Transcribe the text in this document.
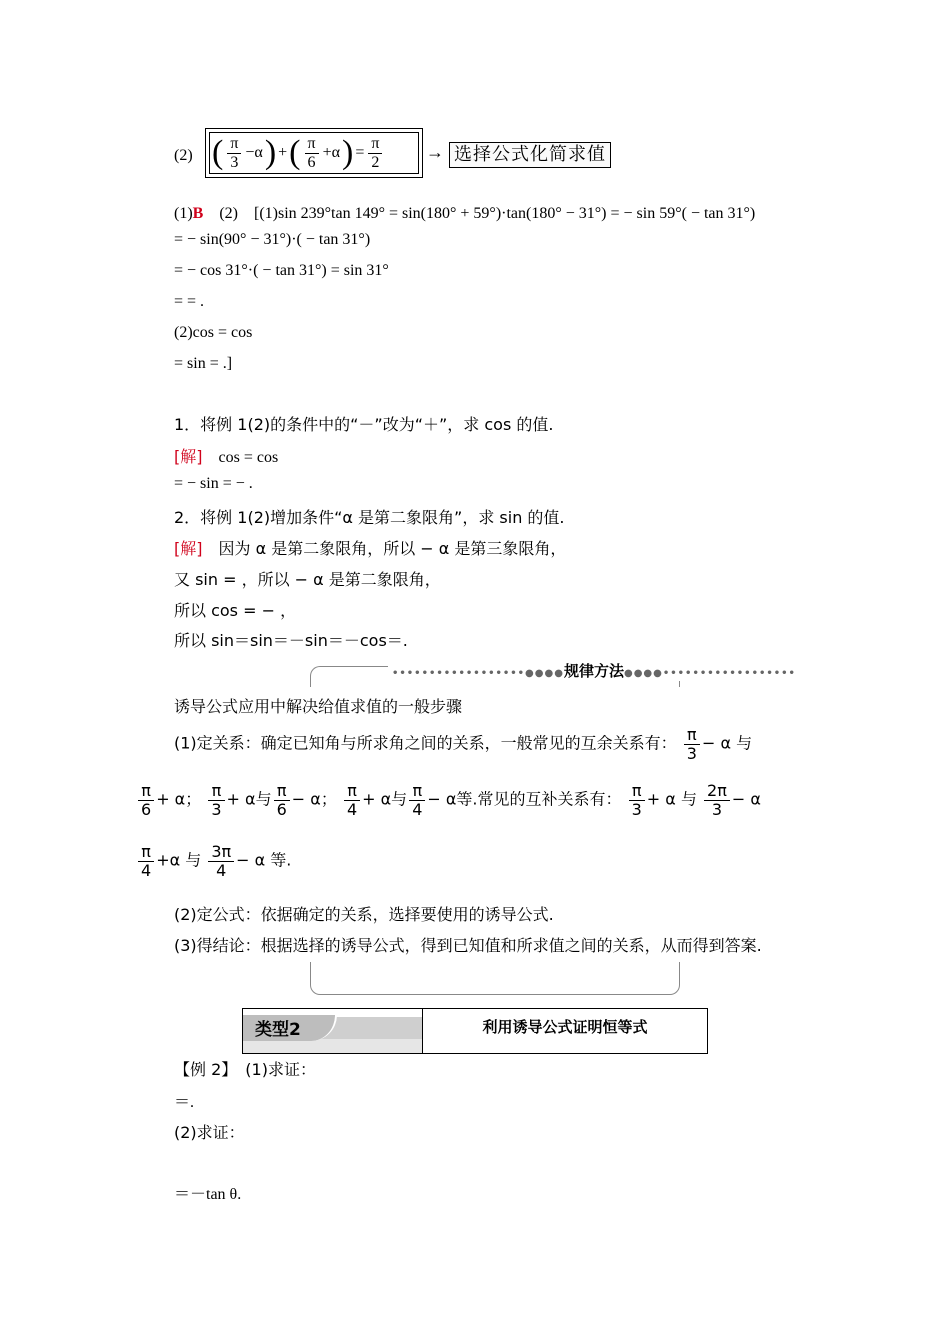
(2) ( $\frac{\pi}{3} -\alpha$ ) + ( $\frac{\pi}{6} +\alpha$ ) = $\frac{\pi}{2}$ → 选择公式化简求值
(1)B　(2)　[(1)sin 239°tan 149° = sin(180° + 59°)·tan(180° − 31°) = − sin 59°( − tan 31°)
= − sin(90° − 31°)·( − tan 31°)
= − cos 31°·( − tan 31°) = sin 31°
= = .
(2)cos = cos
= sin = .]
1．将例 1(2)的条件中的“－”改为“＋”，求 cos 的值.
[解]　cos = cos
= − sin = − .
2．将例 1(2)增加条件“α 是第二象限角”，求 sin 的值.
[解]　因为 α 是第二象限角，所以 − α 是第三象限角，
又 sin = ，所以 − α 是第二象限角，
所以 cos = − ，
所以 sin＝sin＝－sin＝－cos＝.
••••••••••••••••••●●●●规律方法●●●●••••••••••••••••••
诱导公式应用中解决给值求值的一般步骤
(1)定关系：确定已知角与所求角之间的关系，一般常见的互余关系有： $\frac{\pi}{3} - \alpha$ 与
$\frac{\pi}{6} + \alpha$； $\frac{\pi}{3} + \alpha$与 $\frac{\pi}{6} - \alpha$； $\frac{\pi}{4} + \alpha$与 $\frac{\pi}{4} - \alpha$等.常见的互补关系有： $\frac{\pi}{3} + \alpha$ 与 $\frac{2\pi}{3} - \alpha$
$\frac{\pi}{4} +\alpha$ 与 $\frac{3\pi}{4} - \alpha$ 等.
(2)定公式：依据确定的关系，选择要使用的诱导公式.
(3)得结论：根据选择的诱导公式，得到已知值和所求值之间的关系，从而得到答案.
类型2	利用诱导公式证明恒等式
【例 2】　(1)求证：
＝.
(2)求证：
＝－tan θ.
